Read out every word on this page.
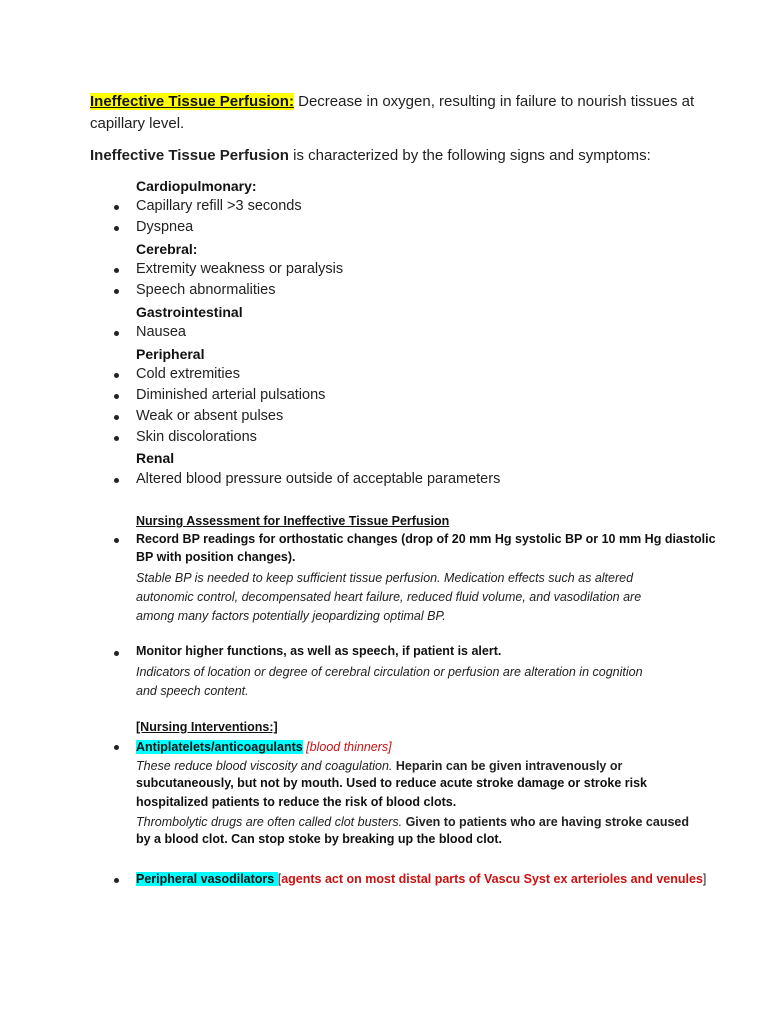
Ineffective Tissue Perfusion: Decrease in oxygen, resulting in failure to nourish tissues at
capillary level.
Ineffective Tissue Perfusion is characterized by the following signs and symptoms:
Cardiopulmonary:
Capillary refill >3 seconds
Dyspnea
Cerebral:
Extremity weakness or paralysis
Speech abnormalities
Gastrointestinal
Nausea
Peripheral
Cold extremities
Diminished arterial pulsations
Weak or absent pulses
Skin discolorations
Renal
Altered blood pressure outside of acceptable parameters
Nursing Assessment for Ineffective Tissue Perfusion
Record BP readings for orthostatic changes (drop of 20 mm Hg systolic BP or 10 mm Hg diastolic
BP with position changes).
Stable BP is needed to keep sufficient tissue perfusion. Medication effects such as altered
autonomic control, decompensated heart failure, reduced fluid volume, and vasodilation are
among many factors potentially jeopardizing optimal BP.
Monitor higher functions, as well as speech, if patient is alert.
Indicators of location or degree of cerebral circulation or perfusion are alteration in cognition
and speech content.
[Nursing Interventions:]
Antiplatelets/anticoagulants [blood thinners]
These reduce blood viscosity and coagulation. Heparin can be given intravenously or
subcutaneously, but not by mouth. Used to reduce acute stroke damage or stroke risk
hospitalized patients to reduce the risk of blood clots.
Thrombolytic drugs are often called clot busters. Given to patients who are having stroke caused
by a blood clot. Can stop stoke by breaking up the blood clot.
Peripheral vasodilators [agents act on most distal parts of Vascu Syst ex arterioles and venules]
